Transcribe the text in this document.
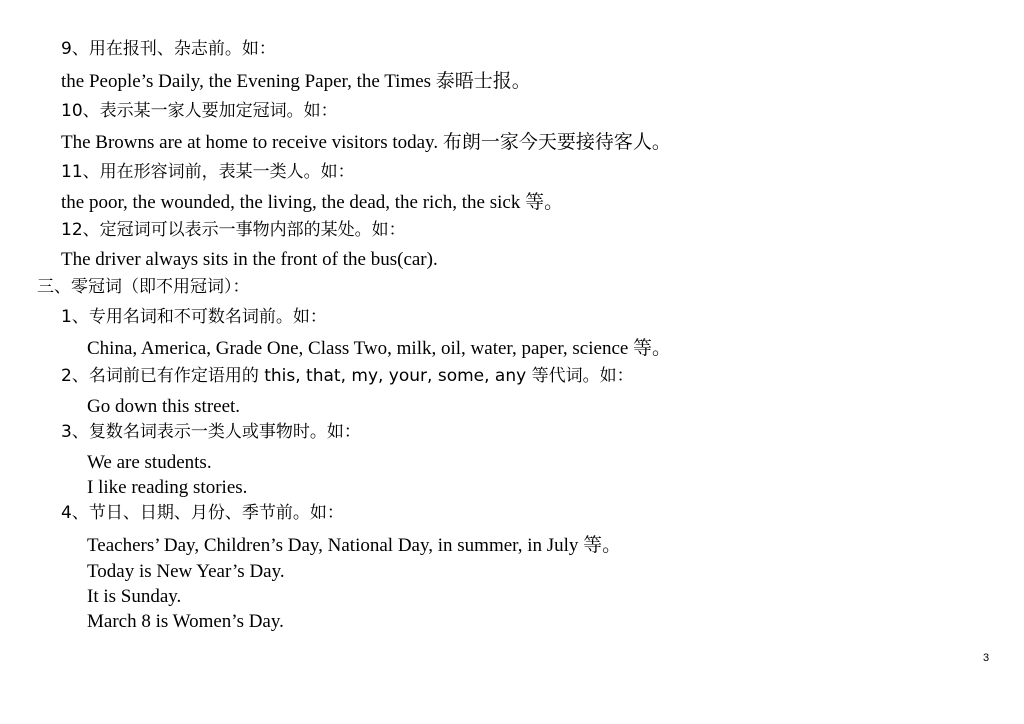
9、用在报刊、杂志前。如：
the People’s Daily, the Evening Paper, the Times 泰晤士报。
10、表示某一家人要加定冠词。如：
The Browns are at home to receive visitors today. 布朗一家今天要接待客人。
11、用在形容词前，表某一类人。如：
the poor, the wounded, the living, the dead, the rich, the sick 等。
12、定冠词可以表示一事物内部的某处。如：
The driver always sits in the front of the bus(car).
三、零冠词（即不用冠词）：
1、专用名词和不可数名词前。如：
China, America, Grade One, Class Two, milk, oil, water, paper, science 等。
2、名词前已有作定语用的 this, that, my, your, some, any 等代词。如：
Go down this street.
3、复数名词表示一类人或事物时。如：
We are students.
I like reading stories.
4、节日、日期、月份、季节前。如：
Teachers’ Day, Children’s Day, National Day, in summer, in July 等。
Today is New Year’s Day.
It is Sunday.
March 8 is Women’s Day.
3
